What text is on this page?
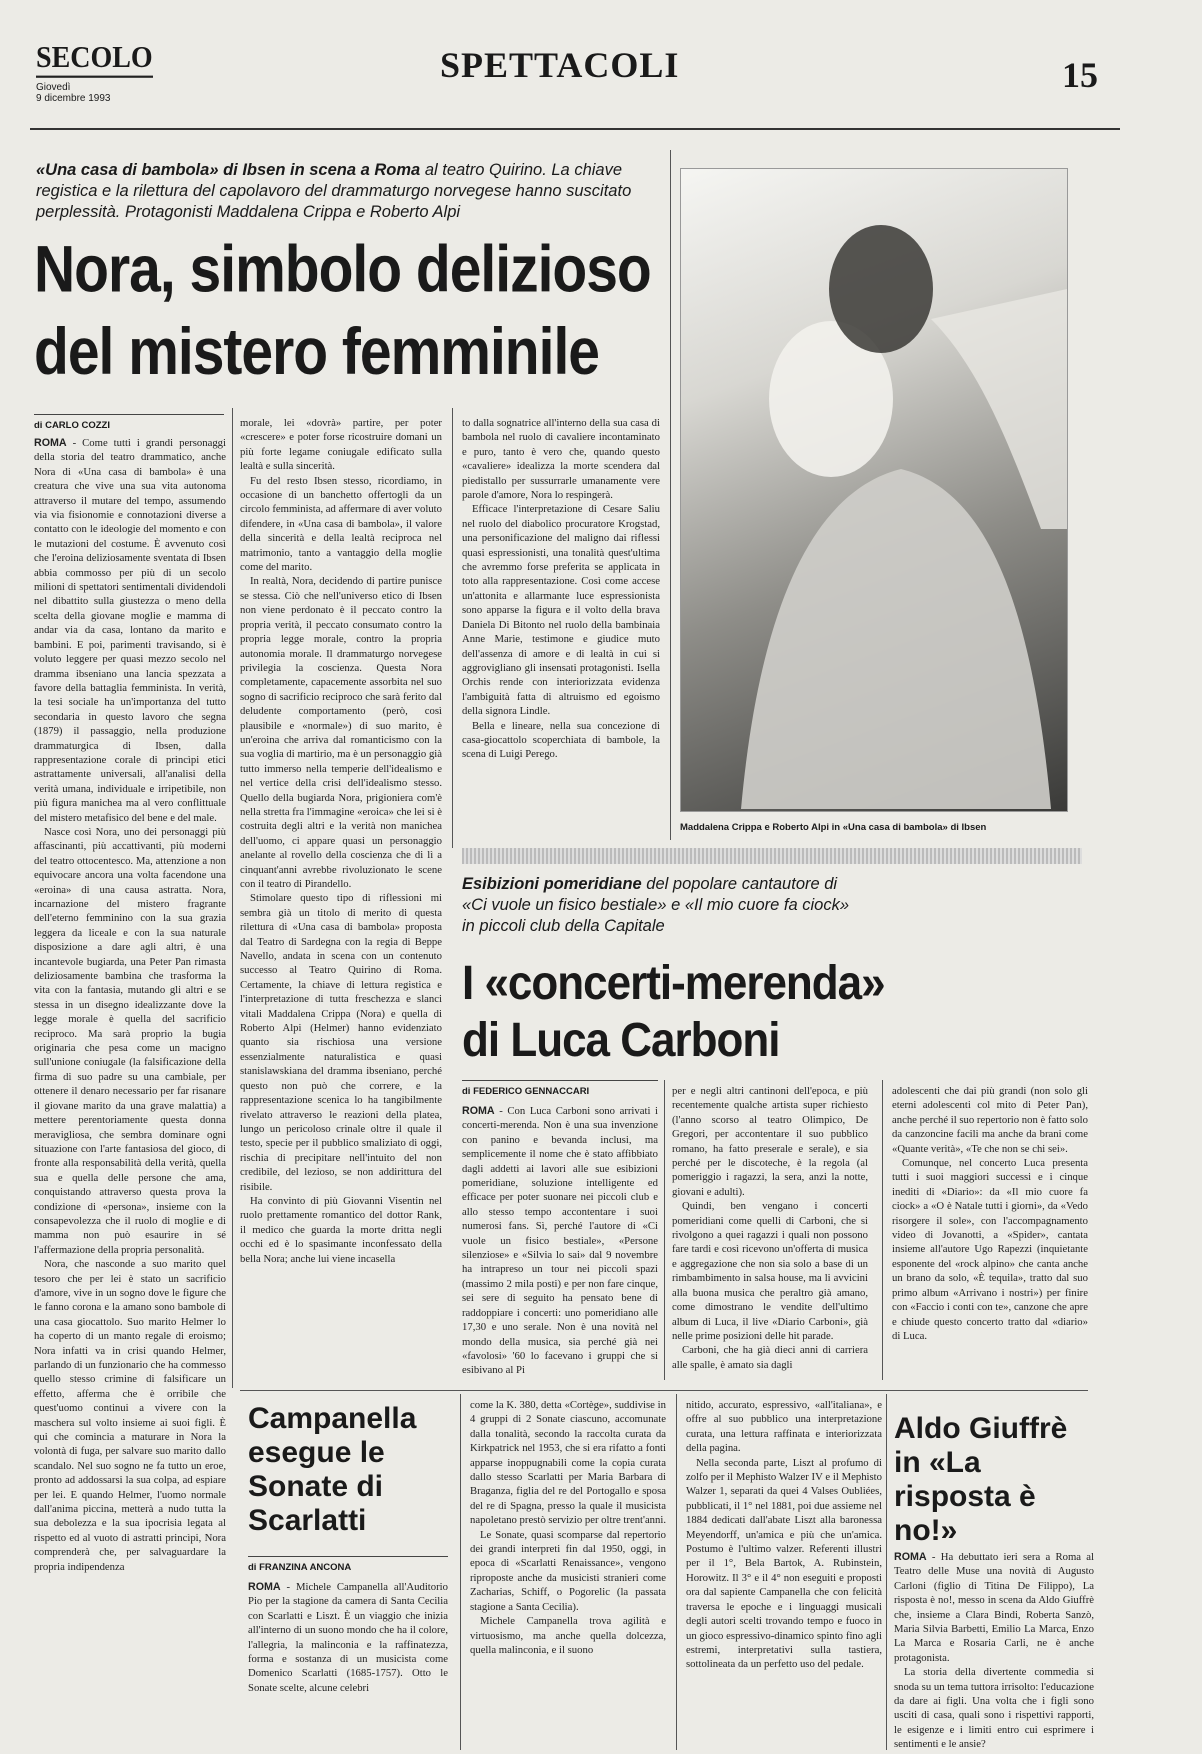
SECOLO
Giovedì
9 dicembre 1993
SPETTACOLI	15
«Una casa di bambola» di Ibsen in scena a Roma al teatro Quirino. La chiave registica e la rilettura del capolavoro del drammaturgo norvegese hanno suscitato perplessità. Protagonisti Maddalena Crippa e Roberto Alpi
Nora, simbolo delizioso
del mistero femminile
di CARLO COZZI

ROMA - Come tutti i grandi personaggi della storia del teatro drammatico, anche Nora di «Una casa di bambola» è una creatura che vive una sua vita autonoma attraverso il mutare del tempo, assumendo via via fisionomie e connotazioni diverse a contatto con le ideologie del momento e con le mutazioni del costume. È avvenuto così che l'eroina deliziosamente sventata di Ibsen abbia commosso per più di un secolo milioni di spettatori sentimentali dividendoli nel dibattito sulla giustezza o meno della scelta della giovane moglie e mamma di andar via da casa, lontano da marito e bambini. E poi, parimenti travisando, si è voluto leggere per quasi mezzo secolo nel dramma ibseniano una lancia spezzata a favore della battaglia femminista. In verità, la tesi sociale ha un'importanza del tutto secondaria in questo lavoro che segna (1879) il passaggio, nella produzione drammaturgica di Ibsen, dalla rappresentazione corale di princìpi etici astrattamente universali, all'analisi della verità umana, individuale e irripetibile, non più figura manichea ma al vero conflittuale del mistero metafisico del bene e del male.

Nasce così Nora, uno dei personaggi più affascinanti, più accattivanti, più moderni del teatro ottocentesco. Ma, attenzione a non equivocare ancora una volta facendone una «eroina» di una causa astratta. Nora, incarnazione del mistero fragrante dell'eterno femminino con la sua grazia leggera da liceale e con la sua naturale disposizione a dare agli altri, è una incantevole bugiarda, una Peter Pan rimasta deliziosamente bambina che trasforma la vita con la fantasia, mutando gli altri e se stessa in un disegno idealizzante dove la legge morale è quella del sacrificio reciproco. Ma sarà proprio la bugia originaria che pesa come un macigno sull'unione coniugale (la falsificazione della firma di suo padre su una cambiale, per ottenere il denaro necessario per far risanare il giovane marito da una grave malattia) a mettere perentoriamente questa donna meravigliosa, che sembra dominare ogni situazione con l'arte fantasiosa del gioco, di fronte alla responsabilità della verità, quella sua e quella delle persone che ama, conquistando attraverso questa prova la condizione di «persona», insieme con la consapevolezza che il ruolo di moglie e di mamma non può esaurire in sé l'affermazione della propria personalità.

Nora, che nasconde a suo marito quel tesoro che per lei è stato un sacrificio d'amore, vive in un sogno dove le figure che le fanno corona e la amano sono bambole di una casa giocattolo. Suo marito Helmer lo ha coperto di un manto regale di eroismo; Nora infatti va in crisi quando Helmer, parlando di un funzionario che ha commesso quello stesso crimine di falsificare un effetto, afferma che è orribile che quest'uomo continui a vivere con la maschera sul volto insieme ai suoi figli. È qui che comincia a maturare in Nora la volontà di fuga, per salvare suo marito dallo scandalo. Nel suo sogno ne fa tutto un eroe, pronto ad addossarsi la sua colpa, ad espiare per lei. E quando Helmer, l'uomo normale dall'anima piccina, metterà a nudo tutta la sua debolezza e la sua ipocrisia legata al rispetto ed al vuoto di astratti princìpi, Nora comprenderà che, per salvaguardare la propria indipendenza

morale, lei «dovrà» partire, per poter «crescere» e poter forse ricostruire domani un più forte legame coniugale edificato sulla lealtà e sulla sincerità.

Fu del resto Ibsen stesso, ricordiamo, in occasione di un banchetto offertogli da un circolo femminista, ad affermare di aver voluto difendere, in «Una casa di bambola», il valore della sincerità e della lealtà reciproca nel matrimonio, tanto a vantaggio della moglie come del marito.

In realtà, Nora, decidendo di partire punisce se stessa. Ciò che nell'universo etico di Ibsen non viene perdonato è il peccato contro la propria verità, il peccato consumato contro la propria legge morale, contro la propria autonomia morale. Il drammaturgo norvegese privilegia la coscienza. Questa Nora completamente, capacemente assorbita nel suo sogno di sacrificio reciproco che sarà ferito dal deludente comportamento (però, così plausibile e «normale») di suo marito, è un'eroina che arriva dal romanticismo con la sua voglia di martirio, ma è un personaggio già tutto immerso nella temperie dell'idealismo e nel vertice della crisi dell'idealismo stesso. Quello della bugiarda Nora, prigioniera com'è nella stretta fra l'immagine «eroica» che lei si è costruita degli altri e la verità non manichea dell'uomo, ci appare quasi un personaggio anelante al rovello della coscienza che di lì a cinquant'anni avrebbe rivoluzionato le scene con il teatro di Pirandello.

Stimolare questo tipo di riflessioni mi sembra già un titolo di merito di questa rilettura di «Una casa di bambola» proposta dal Teatro di Sardegna con la regia di Beppe Navello, andata in scena con un contenuto successo al Teatro Quirino di Roma. Certamente, la chiave di lettura registica e l'interpretazione di tutta freschezza e slanci vitali Maddalena Crippa (Nora) e quella di Roberto Alpi (Helmer) hanno evidenziato quanto sia rischiosa una versione essenzialmente naturalistica e quasi stanislawskiana del dramma ibseniano, perché questo non può che correre, e la rappresentazione scenica lo ha tangibilmente rivelato attraverso le reazioni della platea, lungo un pericoloso crinale oltre il quale il testo, specie per il pubblico smaliziato di oggi, rischia di precipitare nell'intuito del non credibile, del lezioso, se non addirittura del risibile.

Ha convinto di più Giovanni Visentin nel ruolo prettamente romantico del dottor Rank, il medico che guarda la morte dritta negli occhi ed è lo spasimante inconfessato della bella Nora; anche lui viene incasella

to dalla sognatrice all'interno della sua casa di bambola nel ruolo di cavaliere incontaminato e puro, tanto è vero che, quando questo «cavaliere» idealizza la morte scendera dal piedistallo per sussurrarle umanamente vere parole d'amore, Nora lo respingerà.

Efficace l'interpretazione di Cesare Saliu nel ruolo del diabolico procuratore Krogstad, una personificazione del maligno dai riflessi quasi espressionisti, una tonalità quest'ultima che avremmo forse preferita se applicata in toto alla rappresentazione. Così come accese un'attonita e allarmante luce espressionista sono apparse la figura e il volto della brava Daniela Di Bitonto nel ruolo della bambinaia Anne Marie, testimone e giudice muto dell'assenza di amore e di lealtà in cui si aggrovigliano gli insensati protagonisti. Isella Orchis rende con interiorizzata evidenza l'ambiguità fatta di altruismo ed egoismo della signora Lindle.

Bella e lineare, nella sua concezione di casa-giocattolo scoperchiata di bambole, la scena di Luigi Perego.

Maddalena Crippa e Roberto Alpi in «Una casa di bambola» di Ibsen
Esibizioni pomeridiane del popolare cantautore di «Ci vuole un fisico bestiale» e «Il mio cuore fa ciock» in piccoli club della Capitale
I «concerti-merenda»
di Luca Carboni
di FEDERICO GENNACCARI

ROMA - Con Luca Carboni sono arrivati i concerti-merenda. Non è una sua invenzione con panino e bevanda inclusi, ma semplicemente il nome che è stato affibbiato dagli addetti ai lavori alle sue esibizioni pomeridiane, soluzione intelligente ed efficace per poter suonare nei piccoli club e allo stesso tempo accontentare i suoi numerosi fans. Sì, perché l'autore di «Ci vuole un fisico bestiale», «Persone silenziose» e «Silvia lo sai» dal 9 novembre ha intrapreso un tour nei piccoli spazi (massimo 2 mila posti) e per non fare cinque, sei sere di seguito ha pensato bene di raddoppiare i concerti: uno pomeridiano alle 17,30 e uno serale. Non è una novità nel mondo della musica, sia perché già nei «favolosi» '60 lo facevano i gruppi che si esibivano al Pi

per e negli altri cantinoni dell'epoca, e più recentemente qualche artista super richiesto (l'anno scorso al teatro Olimpico, De Gregori, per accontentare il suo pubblico romano, ha fatto preserale e serale), e sia perché per le discoteche, è la regola (al pomeriggio i ragazzi, la sera, anzi la notte, giovani e adulti).

Quindi, ben vengano i concerti pomeridiani come quelli di Carboni, che si rivolgono a quei ragazzi i quali non possono fare tardi e così ricevono un'offerta di musica e aggregazione che non sia solo a base di un rimbambimento in salsa house, ma li avvicini alla buona musica che peraltro già amano, come dimostrano le vendite dell'ultimo album di Luca, il live «Diario Carboni», già nelle prime posizioni delle hit parade.

Carboni, che ha già dieci anni di carriera alle spalle, è amato sia dagli

adolescenti che dai più grandi (non solo gli eterni adolescenti col mito di Peter Pan), anche perché il suo repertorio non è fatto solo da canzoncine facili ma anche da brani come «Quante verità», «Te che non se chi sei».

Comunque, nel concerto Luca presenta tutti i suoi maggiori successi e i cinque inediti di «Diario»: da «Il mio cuore fa ciock» a «O è Natale tutti i giorni», da «Vedo risorgere il sole», con l'accompagnamento video di Jovanotti, a «Spider», cantata insieme all'autore Ugo Rapezzi (inquietante esponente del «rock alpino» che canta anche un brano da solo, «È tequila», tratto dal suo primo album «Arrivano i nostri») per finire con «Faccio i conti con te», canzone che apre e chiude questo concerto tratto dal «diario» di Luca.

Campanella esegue le Sonate di Scarlatti
di FRANZINA ANCONA

ROMA - Michele Campanella all'Auditorio Pio per la stagione da camera di Santa Cecilia con Scarlatti e Liszt. È un viaggio che inizia all'interno di un suono mondo che ha il colore, l'allegria, la malinconia e la raffinatezza, forma e sostanza di un musicista come Domenico Scarlatti (1685-1757). Otto le Sonate scelte, alcune celebri

come la K. 380, detta «Cortège», suddivise in 4 gruppi di 2 Sonate ciascuno, accomunate dalla tonalità, secondo la raccolta curata da Kirkpatrick nel 1953, che si era rifatto a fonti apparse inoppugnabili come la copia curata dallo stesso Scarlatti per Maria Barbara di Braganza, figlia del re del Portogallo e sposa del re di Spagna, presso la quale il musicista napoletano prestò servizio per oltre trent'anni.

Le Sonate, quasi scomparse dal repertorio dei grandi interpreti fin dal 1950, oggi, in epoca di «Scarlatti Renaissance», vengono riproposte anche da musicisti stranieri come Zacharias, Schiff, o Pogorelic (la passata stagione a Santa Cecilia).

Michele Campanella trova agilità e virtuosismo, ma anche quella dolcezza, quella malinconia, e il suono

nitido, accurato, espressivo, «all'italiana», e offre al suo pubblico una interpretazione curata, una lettura raffinata e interiorizzata della pagina.

Nella seconda parte, Liszt al profumo di zolfo per il Mephisto Walzer IV e il Mephisto Walzer 1, separati da quei 4 Valses Oubliées, pubblicati, il 1° nel 1881, poi due assieme nel 1884 dedicati dall'abate Liszt alla baronessa Meyendorff, un'amica e più che un'amica. Postumo è l'ultimo valzer. Referenti illustri per il 1°, Bela Bartok, A. Rubinstein, Horowitz. Il 3° e il 4° non eseguiti e proposti ora dal sapiente Campanella che con felicità traversa le epoche e i linguaggi musicali degli autori scelti trovando tempo e fuoco in un gioco espressivo-dinamico spinto fino agli estremi, interpretativi sulla tastiera, sottolineata da un perfetto uso del pedale.

Aldo Giuffrè in «La risposta è no!»

ROMA - Ha debuttato ieri sera a Roma al Teatro delle Muse una novità di Augusto Carloni (figlio di Titina De Filippo), La risposta è no!, messo in scena da Aldo Giuffrè che, insieme a Clara Bindi, Roberta Sanzò, Maria Silvia Barbetti, Emilio La Marca, Enzo La Marca e Rosaria Carli, ne è anche protagonista.

La storia della divertente commedia si snoda su un tema tuttora irrisolto: l'educazione da dare ai figli. Una volta che i figli sono usciti di casa, quali sono i rispettivi rapporti, le esigenze e i limiti entro cui esprimere i sentimenti e le ansie?
